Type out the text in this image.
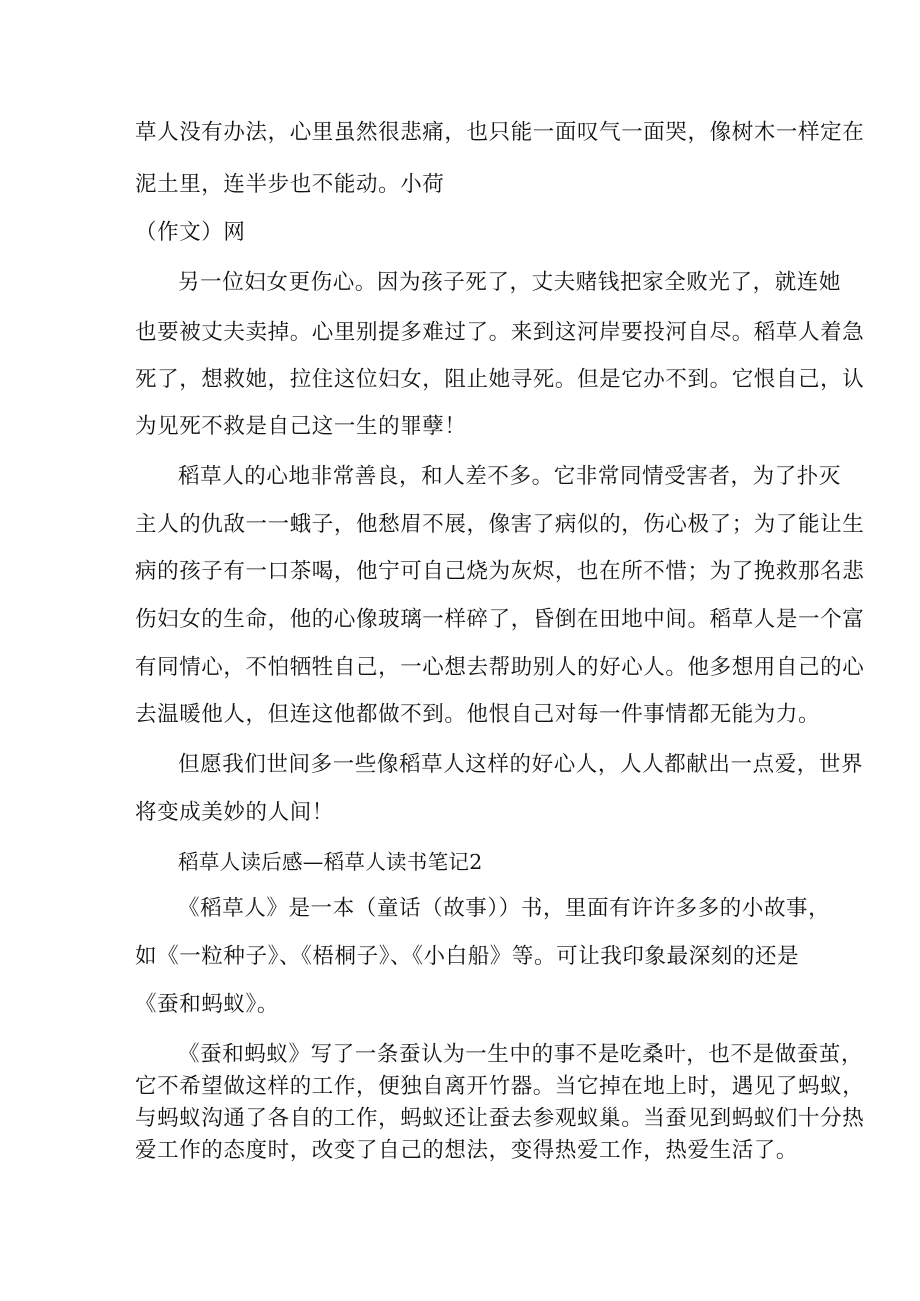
草人没有办法，心里虽然很悲痛，也只能一面叹气一面哭，像树木一样定在

泥土里，连半步也不能动。小荷

（作文）网

另一位妇女更伤心。因为孩子死了，丈夫赌钱把家全败光了，就连她

也要被丈夫卖掉。心里别提多难过了。来到这河岸要投河自尽。稻草人着急

死了，想救她，拉住这位妇女，阻止她寻死。但是它办不到。它恨自己，认

为见死不救是自己这一生的罪孽！

稻草人的心地非常善良，和人差不多。它非常同情受害者，为了扑灭

主人的仇敌一一蛾子，他愁眉不展，像害了病似的，伤心极了；为了能让生

病的孩子有一口茶喝，他宁可自己烧为灰烬，也在所不惜；为了挽救那名悲

伤妇女的生命，他的心像玻璃一样碎了，昏倒在田地中间。稻草人是一个富

有同情心，不怕牺牲自己，一心想去帮助别人的好心人。他多想用自己的心

去温暖他人，但连这他都做不到。他恨自己对每一件事情都无能为力。

但愿我们世间多一些像稻草人这样的好心人，人人都献出一点爱，世界

将变成美妙的人间！

稻草人读后感—稻草人读书笔记2

《稻草人》是一本（童话（故事））书，里面有许许多多的小故事，

如《一粒种子》、《梧桐子》、《小白船》等。可让我印象最深刻的还是

《蚕和蚂蚁》。

《蚕和蚂蚁》写了一条蚕认为一生中的事不是吃桑叶，也不是做蚕茧，

它不希望做这样的工作，便独自离开竹器。当它掉在地上时，遇见了蚂蚁，

与蚂蚁沟通了各自的工作，蚂蚁还让蚕去参观蚁巢。当蚕见到蚂蚁们十分热

爱工作的态度时，改变了自己的想法，变得热爱工作，热爱生活了。
